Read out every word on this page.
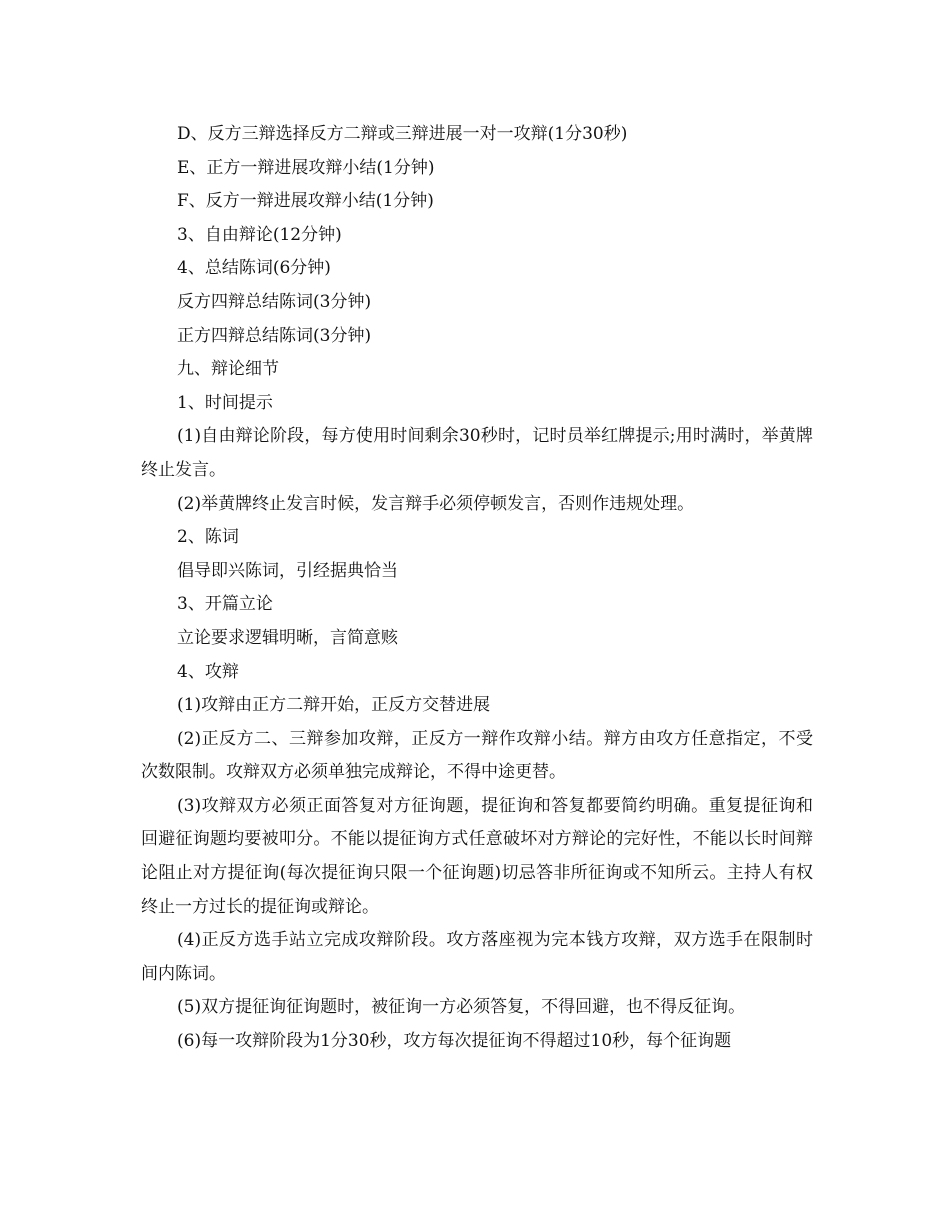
D、反方三辩选择反方二辩或三辩进展一对一攻辩(1分30秒)

E、正方一辩进展攻辩小结(1分钟)

F、反方一辩进展攻辩小结(1分钟)

3、自由辩论(12分钟)

4、总结陈词(6分钟)

反方四辩总结陈词(3分钟)

正方四辩总结陈词(3分钟)

九、辩论细节

1、时间提示

(1)自由辩论阶段，每方使用时间剩余30秒时，记时员举红牌提示;用时满时，举黄牌终止发言。

(2)举黄牌终止发言时候，发言辩手必须停顿发言，否则作违规处理。

2、陈词

倡导即兴陈词，引经据典恰当

3、开篇立论

立论要求逻辑明晰，言简意赅

4、攻辩

(1)攻辩由正方二辩开始，正反方交替进展

(2)正反方二、三辩参加攻辩，正反方一辩作攻辩小结。辩方由攻方任意指定，不受次数限制。攻辩双方必须单独完成辩论，不得中途更替。

(3)攻辩双方必须正面答复对方征询题，提征询和答复都要简约明确。重复提征询和回避征询题均要被叩分。不能以提征询方式任意破坏对方辩论的完好性，不能以长时间辩论阻止对方提征询(每次提征询只限一个征询题)切忌答非所征询或不知所云。主持人有权终止一方过长的提征询或辩论。

(4)正反方选手站立完成攻辩阶段。攻方落座视为完本钱方攻辩，双方选手在限制时间内陈词。

(5)双方提征询征询题时，被征询一方必须答复，不得回避，也不得反征询。

(6)每一攻辩阶段为1分30秒，攻方每次提征询不得超过10秒，每个征询题
